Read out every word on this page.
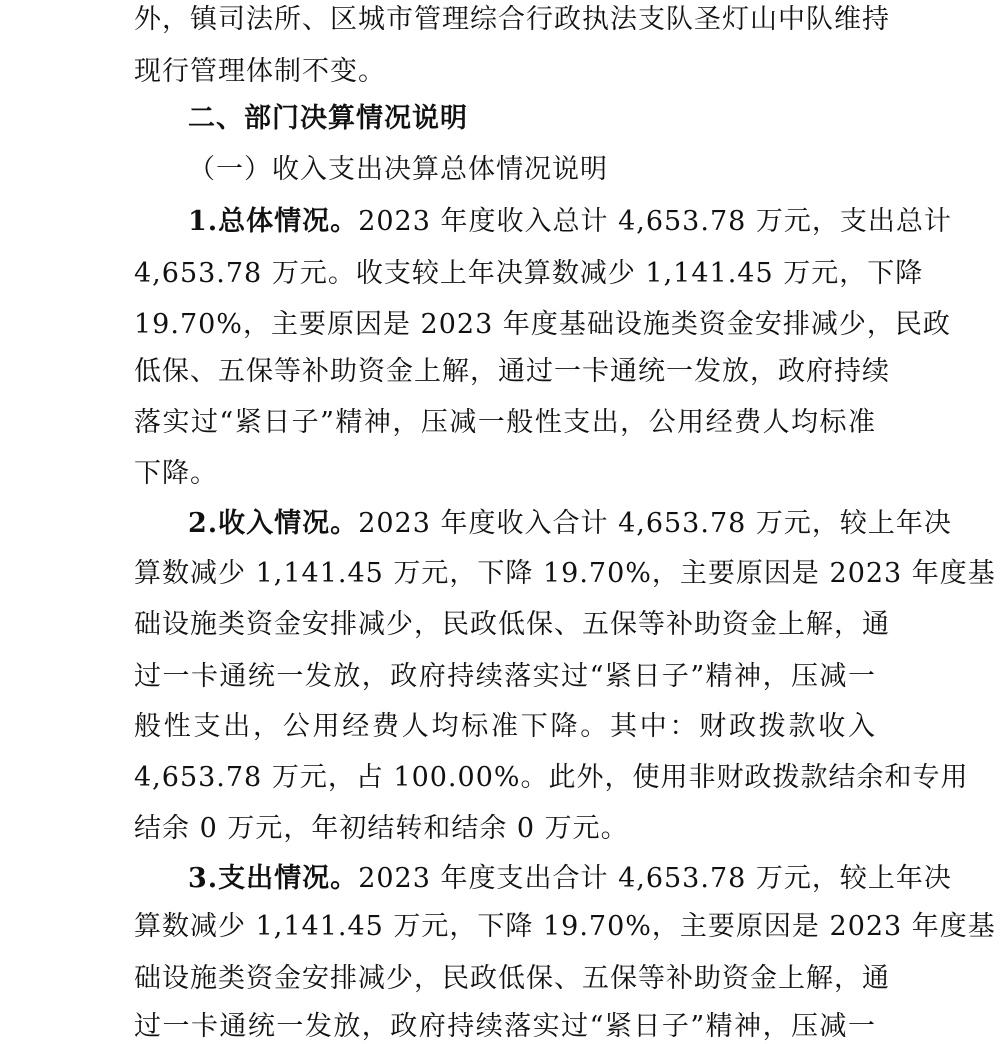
外，镇司法所、区城市管理综合行政执法支队圣灯山中队维持
现行管理体制不变。
二、部门决算情况说明
（一）收入支出决算总体情况说明
1.总体情况。2023 年度收入总计 4,653.78 万元，支出总计
4,653.78 万元。收支较上年决算数减少 1,141.45 万元，下降
19.70%，主要原因是 2023 年度基础设施类资金安排减少，民政
低保、五保等补助资金上解，通过一卡通统一发放，政府持续
落实过“紧日子”精神，压减一般性支出，公用经费人均标准
下降。
2.收入情况。2023 年度收入合计 4,653.78 万元，较上年决
算数减少 1,141.45 万元，下降 19.70%，主要原因是 2023 年度基
础设施类资金安排减少，民政低保、五保等补助资金上解，通
过一卡通统一发放，政府持续落实过“紧日子”精神，压减一
般性支出，公用经费人均标准下降。其中：财政拨款收入
4,653.78 万元，占 100.00%。此外，使用非财政拨款结余和专用
结余 0 万元，年初结转和结余 0 万元。
3.支出情况。2023 年度支出合计 4,653.78 万元，较上年决
算数减少 1,141.45 万元，下降 19.70%，主要原因是 2023 年度基
础设施类资金安排减少，民政低保、五保等补助资金上解，通
过一卡通统一发放，政府持续落实过“紧日子”精神，压减一
